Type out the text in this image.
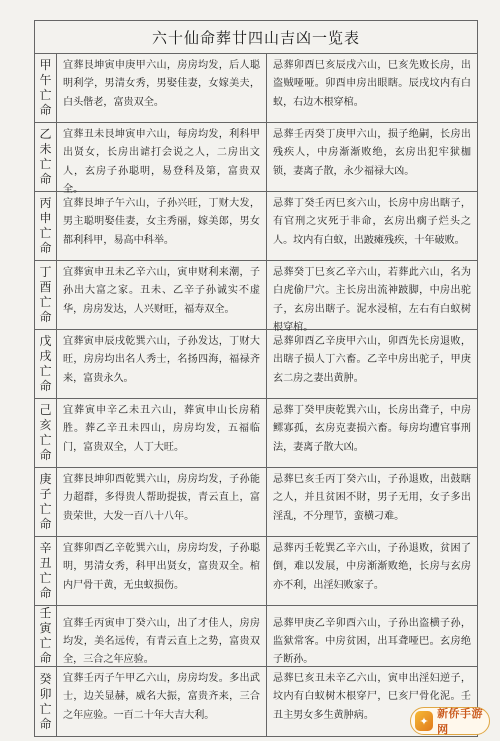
六十仙命葬廿四山吉凶一览表		
甲午亡命	宜葬艮坤寅申庚甲六山，房房均发，后人聪明利学，男清女秀，男娶佳妻，女嫁美夫，白头偕老，富贵双全。	忌葬卯酉巳亥辰戌六山，巳亥先败长房，出盗贼哑哑。卯酉申房出眼瞎。辰戌坟内有白蚁，右边木根穿棺。

乙未亡命	宜葬丑未艮坤寅申六山，每房均发，利科甲出贤女，长房出谑打会说之人，二房出文人，玄房子孙聪明，易登科及第，富贵双全。	忌葬壬丙癸丁庚甲六山，损子绝嗣，长房出残疾人，中房渐渐败绝，玄房出犯牢狱枷锁，妻离子散，永少福禄大凶。

丙申亡命	宜葬艮坤子午六山，子孙兴旺，丁财大发，男主聪明娶佳妻，女主秀丽，嫁美郎，男女都利科甲，易高中科举。	忌葬丁癸壬丙巳亥六山，长房中房出瞎子，有官刑之灾死于非命，玄房出瘸子烂头之人。坟内有白蚁，出跛瘫残疾，十年破败。

丁酉亡命	宜葬寅申丑未乙辛六山，寅申财利来潮，子孙出大富之家。丑未、乙辛子孙诚实不虚华，房房发达，人兴财旺，福寿双全。	忌葬癸丁巳亥乙辛六山，若葬此六山，名为白虎偷尸穴。主长房出流神跛脚，中房出驼子，玄房出瞎子。泥水浸棺，左右有白蚁树根穿棺。

戊戌亡命	宜葬寅申辰戌乾巽六山，子孙发达，丁财大旺，房房均出名人秀士，名扬四海，福禄齐来，富贵永久。	忌葬卯酉乙辛庚甲六山，卯酉先长房退败，出瞎子损人丁六畜。乙辛中房出驼子，甲庚玄二房之妻出黄肿。

己亥亡命	宜葬寅申辛乙未丑六山，葬寅申山长房稍胜。葬乙辛丑未四山，房房均发，五福临门，富贵双全，人丁大旺。	忌葬丁癸甲庚乾巽六山，长房出聋子，中房鳏寡孤，玄房克妻损六畜。每房均遭官事刑法，妻离子散大凶。

庚子亡命	宜葬艮坤卯酉乾巽六山，房房均发，子孙能力超群，多得贵人帮助提拔，青云直上，富贵荣世，大发一百八十八年。	忌葬巳亥壬丙丁癸六山，子孙退败，出鼓瞎之人，并且贫困不財，男子无用，女子多出淫乱，不分理节，蛮横刁难。

辛丑亡命	宜葬卯酉乙辛乾巽六山，房房均发，子孙聪明，男清女秀，科甲出贤女，富贵双全。棺内尸骨干黄，无虫蚁损伤。	忌葬丙壬乾巽乙辛六山，子孙退败，贫困了倒，难以发展，中房渐渐败绝，长房与玄房亦不利，出淫妇败家子。

壬寅亡命	宜葬壬丙寅申丁癸六山，出了才佳人，房房均发，美名远传，有青云直上之势，富贵双全，三合之年应验。	忌葬甲庚乙辛卯酉六山，子孙出盗横子孙，监狱常客。中房贫困，出耳聋哑巴。玄房绝子断孙。

癸卯亡命	宜葬壬丙子午甲乙六山，房房均发。多出武士，边关显赫，威名大振，富贵齐来，三合之年应验。一百二十年大吉大利。	忌葬巳亥丑未辛乙六山，寅申出淫妇逆子，坟内有白蚁树木根穿尸，巳亥尸骨化泥。壬丑主男女多生黄肿病。	✦
新侨手游网
